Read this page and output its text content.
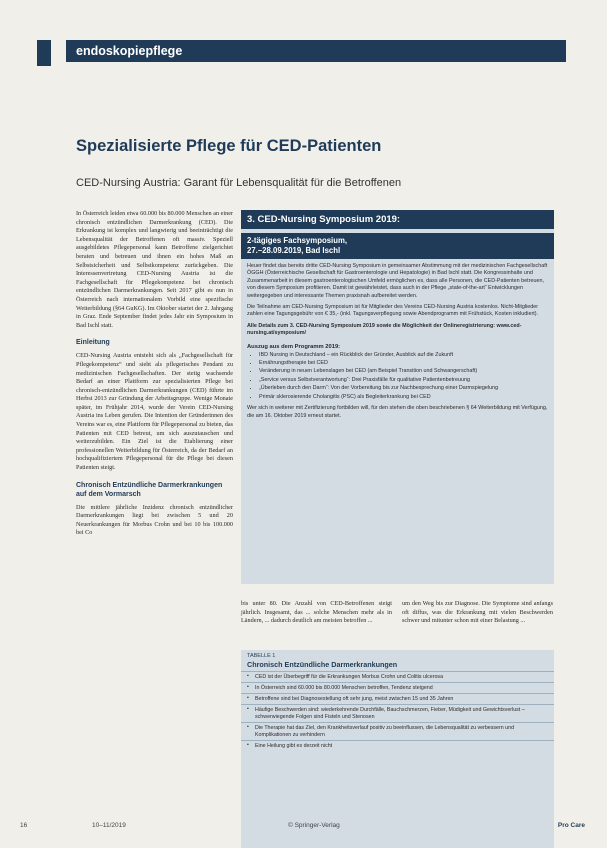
endoskopiepflege
Spezialisierte Pflege für CED-Patienten

CED-Nursing Austria: Garant für Lebensqualität für die Betroffenen

In Österreich leiden etwa 60.000 bis 80.000 Menschen an einer chronisch entzündlichen Darmerkrankung (CED). Die Erkrankung ist komplex und langwierig und beeinträchtigt die Lebensqualität der Betroffenen oft massiv. Speziell ausgebildetes Pflegepersonal kann Betroffene zielgerichtet beraten und betreuen und ihnen ein hohes Maß an Selbstsicherheit und Selbstkompetenz zurückgeben. Die Interessenvertretung CED-Nursing Austria ist die Fachgesellschaft für Pflegekompetenz bei chronisch entzündlichen Darmerkrankungen. Seit 2017 gibt es nun in Österreich nach internationalem Vorbild eine spezifische Weiterbildung (§64 GuKG). Im Oktober startet der 2. Jahrgang in Graz. Ende September findet jedes Jahr ein Symposium in Bad Ischl statt.

Einleitung

CED-Nursing Austria entsteht sich als „Fachgesellschaft für Pflegekompetenz“ und sieht als pflegerisches Pendant zu medizinischen Fachgesellschaften. Der stetig wachsende Bedarf an einer Plattform zur spezialisierten Pflege bei chronisch-entzündlichen Darmerkrankungen (CED) führte im Herbst 2013 zur Gründung der Arbeitsgruppe. Wenige Monate später, im Frühjahr 2014, wurde der Verein CED-Nursing Austria ins Leben gerufen. Die Intention der Gründerinnen des Vereins war es, eine Plattform für Pflegepersonal zu bieten, das Patienten mit CED betreut, um sich auszutauschen und weiterzubilden. Ein Ziel ist die Etablierung einer professionellen Weiterbildung für Österreich, da der Bedarf an hochqualifiziertem Pflegepersonal für die Pflege bei diesen Patienten steigt.

Chronisch Entzündliche Darmerkrankungen auf dem Vormarsch

Die mittlere jährliche Inzidenz chronisch entzündlicher Darmerkrankungen liegt bei zwischen 5 und 20 Neuerkrankungen für Morbus Crohn und bei 10 bis 100.000 bei Co

3. CED-Nursing Symposium 2019:
2-tägiges Fachsymposium,
27.–28.09.2019, Bad Ischl

Heuer findet das bereits dritte CED-Nursing Symposium in gemeinsamer Abstimmung mit der medizinischen Fachgesellschaft ÖGGH (Österreichische Gesellschaft für Gastroenterologie und Hepatologie) in Bad Ischl statt. Die Kongressinhalte und Zusammenarbeit in diesem gastroenterologischen Umfeld ermöglichen es, dass alle Personen, die CED-Patienten betreuen, von diesem Symposium profitieren. Damit ist gewährleistet, dass auch in der Pflege „state-of-the-art“ Entwicklungen weitergegeben und interessante Themen praxisnah aufbereitet werden.

Die Teilnahme am CED-Nursing Symposium ist für Mitglieder des Vereins CED-Nursing Austria kostenlos. Nicht-Mitglieder zahlen eine Tagungsgebühr von € 35,- (inkl. Tagungsverpflegung sowie Abendprogramm mit Frühstück, Kosten inkludiert).

Alle Details zum 3. CED-Nursing Symposium 2019 sowie die Möglichkeit der Onlineregistrierung: www.ced-nursing.at/symposium/

Auszug aus dem Programm 2019:
• IBD Nursing in Deutschland – ein Rückblick der Gründer, Ausblick auf die Zukunft
• Ernährungstherapie bei CED
• Veränderung in neuen Lebenslagen bei CED (am Beispiel Transition und Schwangerschaft)
• „Service versus Selbstverantwortung“: Drei Praxisfälle für qualitative Patientenbetreuung
• „Überleben durch den Darm“: Von der Vorbereitung bis zur Nachbesprechung einer Darmspiegelung
• Primär sklerosierende Cholangitis (PSC) als Begleiterkrankung bei CED

Wer sich in weiterer mit Zertifizierung fortbilden will, für den stehen die oben beschriebenen § 64 Weiterbildung mit Verfügung, die am 16. Oktober 2019 erneut startet.

bis unter 80. Die Anzahl von CED-Betroffenen steigt jährlich. Insgesamt, das ... solche Menschen mehr als in Ländern, ... dadurch deutlich am meisten betroffen ...

um den Weg bis zur Diagnose. Die Symptome sind anfangs oft diffus, was die Erkrankung mit vielen Beschwerden schwer und mitunter schon mit einer Belastung ...

TABELLE 1
Chronisch Entzündliche Darmerkrankungen
▪ CED ist der Überbegriff für die Erkrankungen Morbus Crohn und Colitis ulcerosa
▪ In Österreich sind 60.000 bis 80.000 Menschen betroffen, Tendenz steigend
▪ Betroffene sind bei Diagnosestellung oft sehr jung, meist zwischen 15 und 35 Jahren
▪ Häufige Beschwerden sind: wiederkehrende Durchfälle, Bauchschmerzen, Fieber, Müdigkeit und Gewichtsverlust – schwerwiegende Folgen sind Fisteln und Stenosen
▪ Die Therapie hat das Ziel, den Krankheitsverlauf positiv zu beeinflussen, die Lebensqualität zu verbessern und Komplikationen zu verhindern
▪ Eine Heilung gibt es derzeit nicht
16	10–11/2019	© Springer-Verlag	Pro Care
